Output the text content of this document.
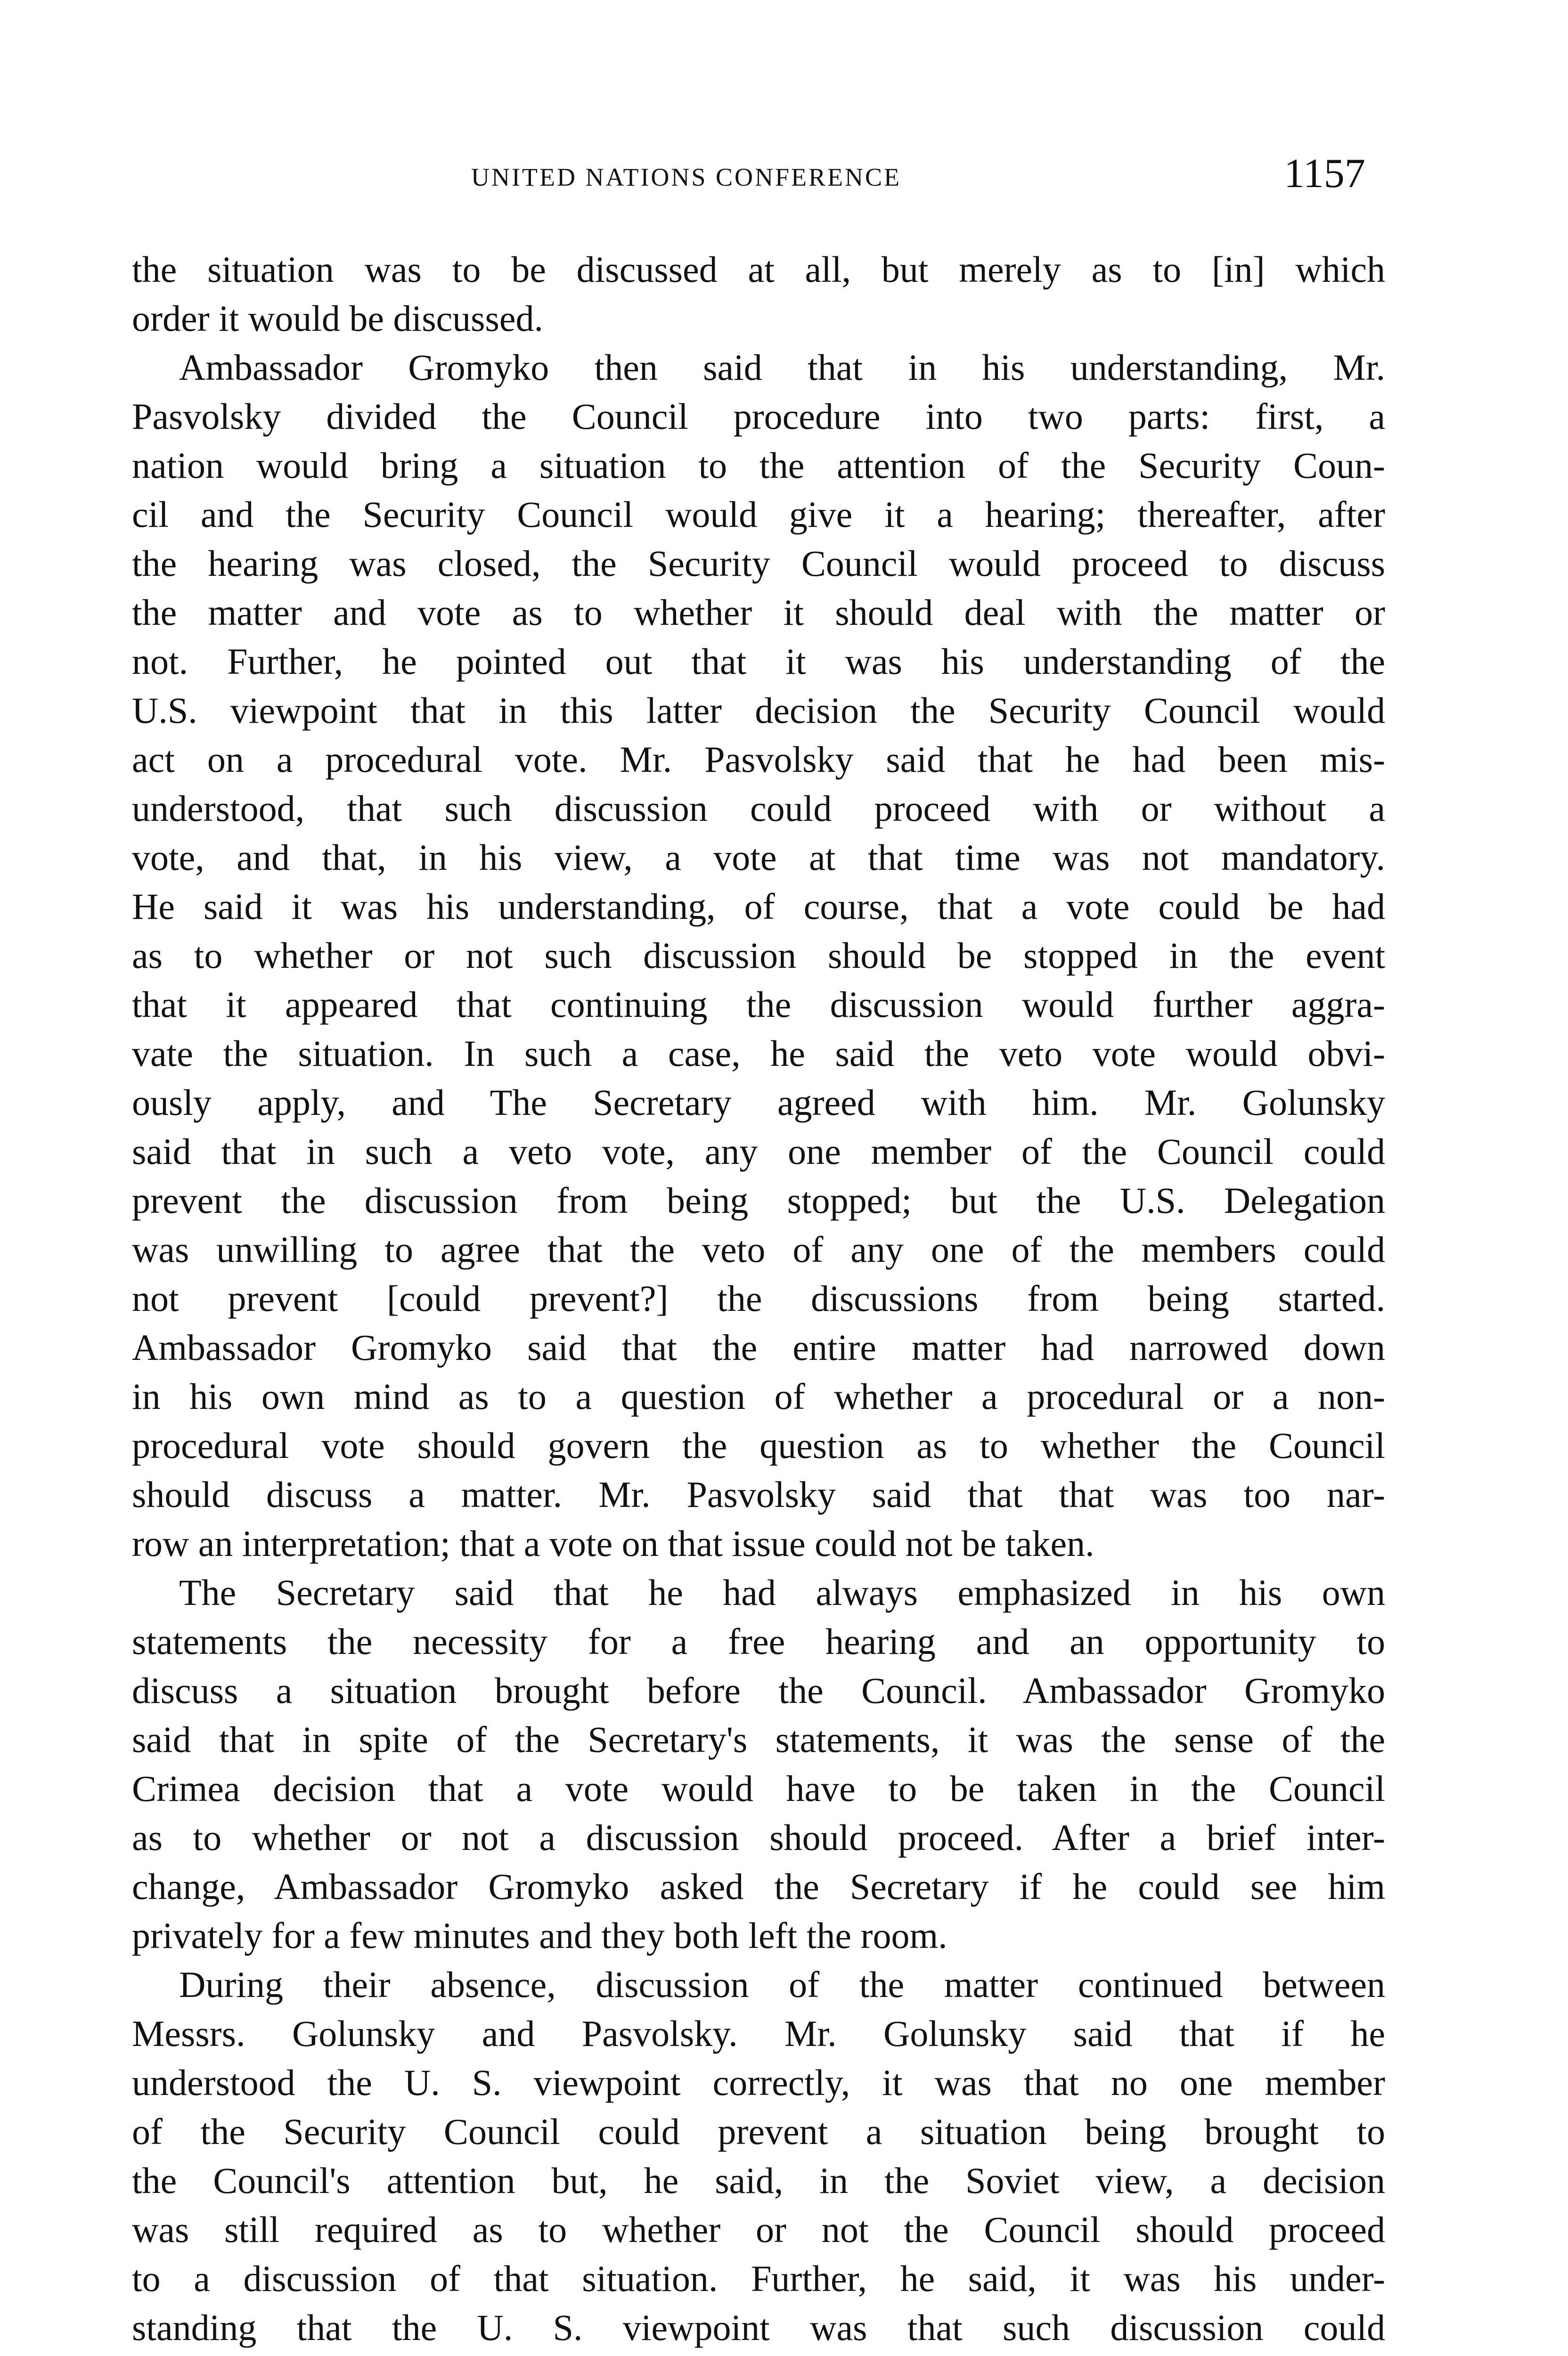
UNITED NATIONS CONFERENCE	1157
the situation was to be discussed at all, but merely as to [in] which
order it would be discussed.
Ambassador Gromyko then said that in his understanding, Mr.
Pasvolsky divided the Council procedure into two parts: first, a
nation would bring a situation to the attention of the Security Coun-
cil and the Security Council would give it a hearing; thereafter, after
the hearing was closed, the Security Council would proceed to discuss
the matter and vote as to whether it should deal with the matter or
not. Further, he pointed out that it was his understanding of the
U.S. viewpoint that in this latter decision the Security Council would
act on a procedural vote. Mr. Pasvolsky said that he had been mis-
understood, that such discussion could proceed with or without a
vote, and that, in his view, a vote at that time was not mandatory.
He said it was his understanding, of course, that a vote could be had
as to whether or not such discussion should be stopped in the event
that it appeared that continuing the discussion would further aggra-
vate the situation. In such a case, he said the veto vote would obvi-
ously apply, and The Secretary agreed with him. Mr. Golunsky
said that in such a veto vote, any one member of the Council could
prevent the discussion from being stopped; but the U.S. Delegation
was unwilling to agree that the veto of any one of the members could
not prevent [could prevent?] the discussions from being started.
Ambassador Gromyko said that the entire matter had narrowed down
in his own mind as to a question of whether a procedural or a non-
procedural vote should govern the question as to whether the Council
should discuss a matter. Mr. Pasvolsky said that that was too nar-
row an interpretation; that a vote on that issue could not be taken.
The Secretary said that he had always emphasized in his own
statements the necessity for a free hearing and an opportunity to
discuss a situation brought before the Council. Ambassador Gromyko
said that in spite of the Secretary's statements, it was the sense of the
Crimea decision that a vote would have to be taken in the Council
as to whether or not a discussion should proceed. After a brief inter-
change, Ambassador Gromyko asked the Secretary if he could see him
privately for a few minutes and they both left the room.
During their absence, discussion of the matter continued between
Messrs. Golunsky and Pasvolsky. Mr. Golunsky said that if he
understood the U. S. viewpoint correctly, it was that no one member
of the Security Council could prevent a situation being brought to
the Council's attention but, he said, in the Soviet view, a decision
was still required as to whether or not the Council should proceed
to a discussion of that situation. Further, he said, it was his under-
standing that the U. S. viewpoint was that such discussion could
